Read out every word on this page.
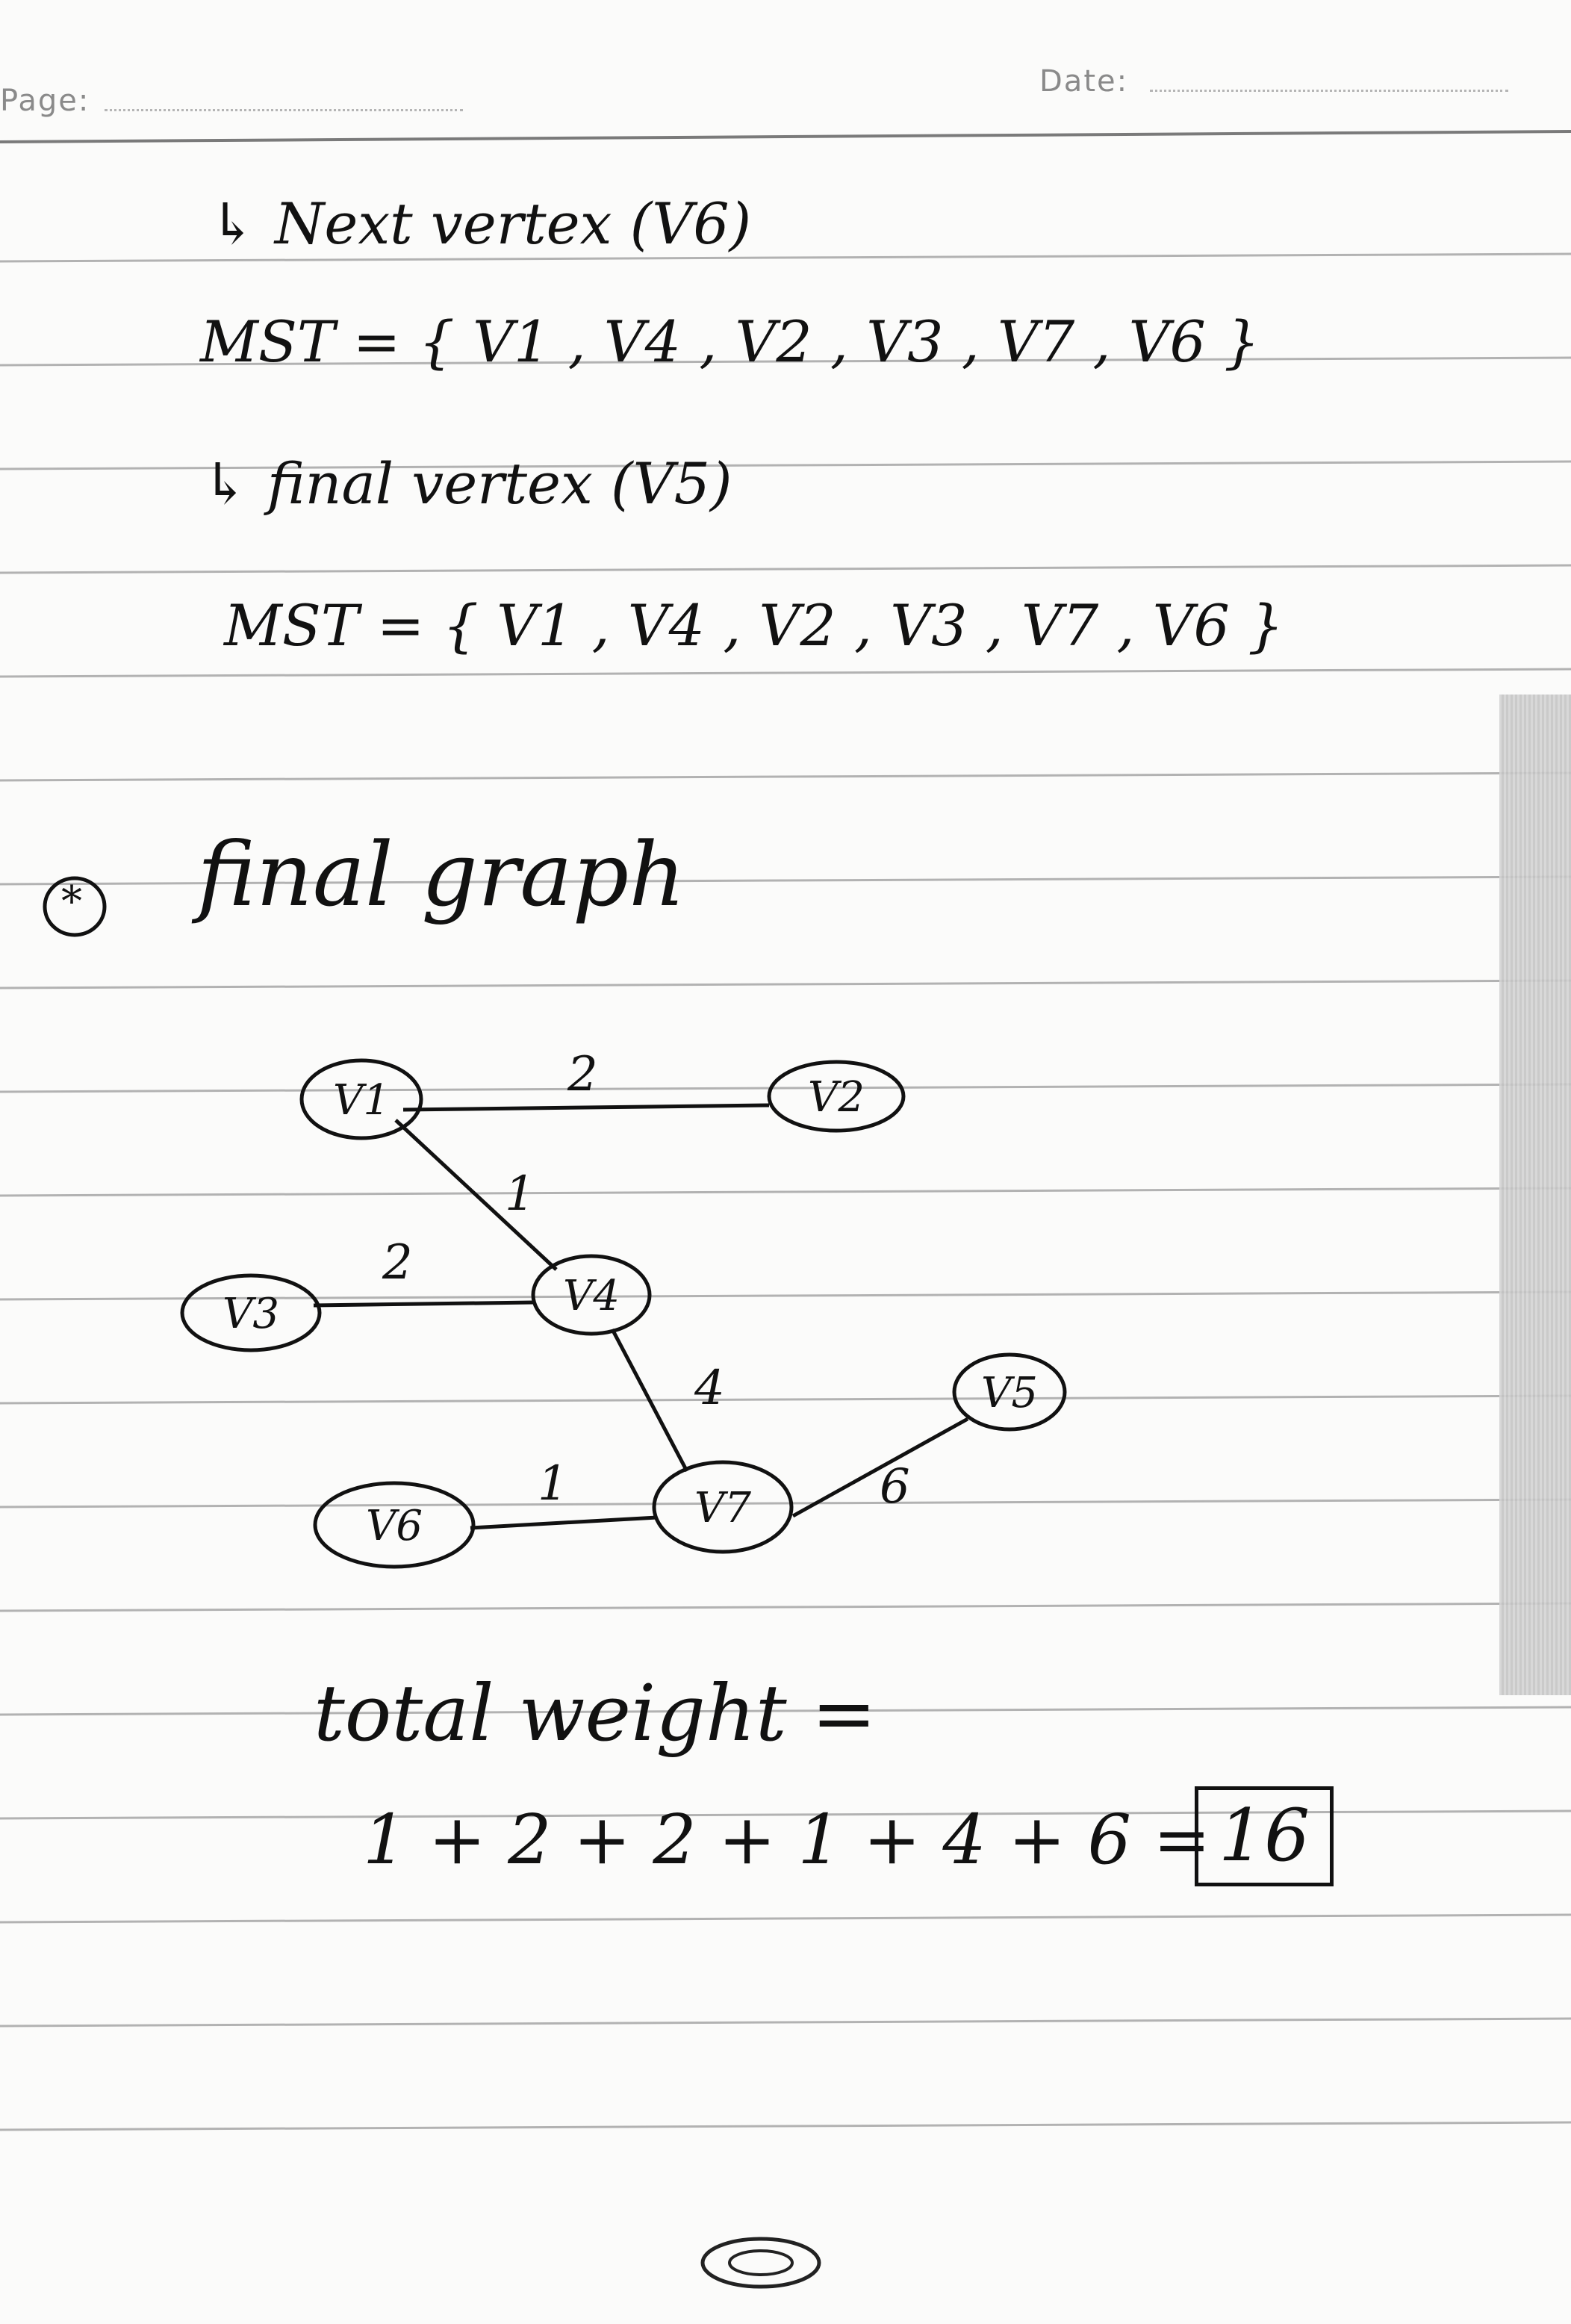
Page:
Date:
↳ Next vertex (V6)
MST = { V1 , V4 , V2 , V3 , V7 , V6 }
↳ final vertex (V5)
MST = { V1 , V4 , V2 , V3 , V7 , V6 }
* final graph
2
1
2
4
1	6
V1	V2
V3	V4
V5
V6	V7
total weight =
1 + 2 + 2 + 1 + 4 + 6 = 16
